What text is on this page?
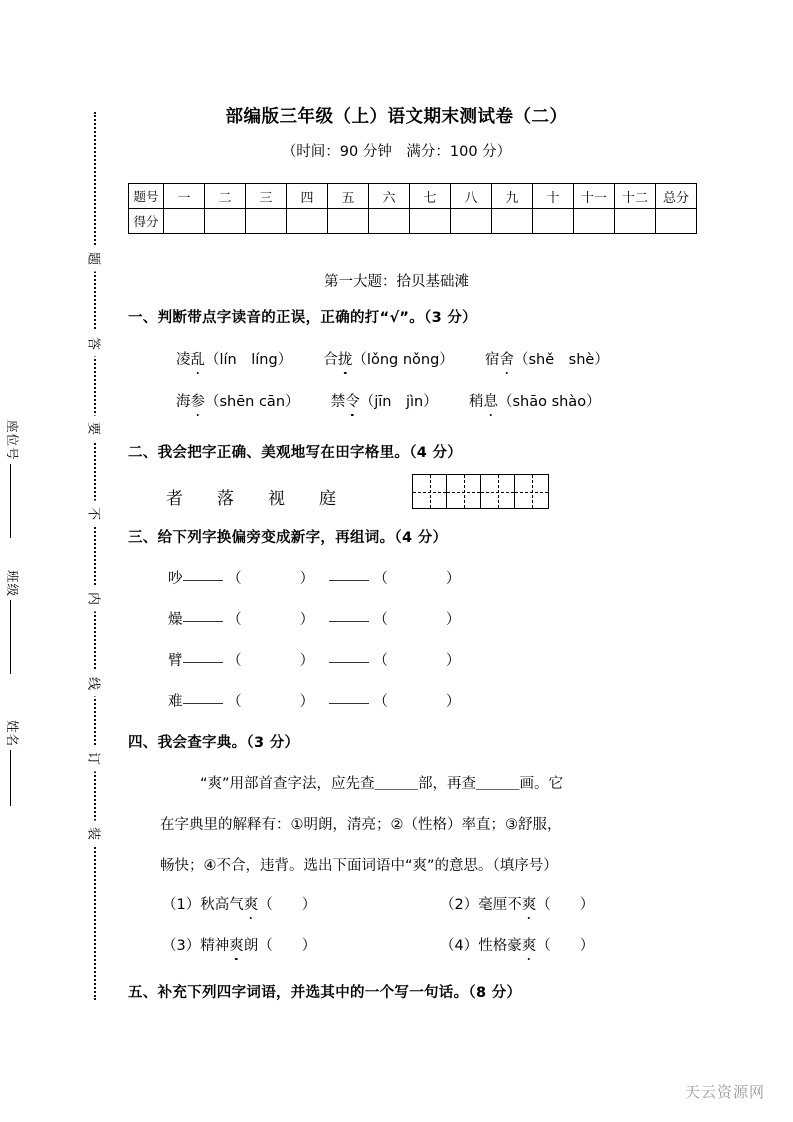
座位号
班级
姓名
题
答
要
不
内
线
订
装
部编版三年级（上）语文期末测试卷（二）
（时间：90 分钟　满分：100 分）
题号	一	二	三	四	五	六	七	八	九	十	十一	十二	总分
得分													
第一大题：拾贝基础滩
一、判断带点字读音的正误，正确的打“√”。（3 分）
凌乱（lín　líng） 合拢（lǒng nǒng） 宿舍（shě　shè）
海参（shēn cān） 禁令（jīn　jìn） 稍息（shāo shào）
二、我会把字正确、美观地写在田字格里。（4 分）
者落视庭
三、给下列字换偏旁变成新字，再组词。（4 分）
吵	（　　　　）	（　　　　）
燥	（　　　　）	（　　　　）
臂	（　　　　）	（　　　　）
难	（　　　　）	（　　　　）
四、我会查字典。（3 分）
“爽”用部首查字法，应先查＿＿＿部，再查＿＿＿画。它
在字典里的解释有：①明朗，清亮；②（性格）率直；③舒服，
畅快；④不合，违背。选出下面词语中“爽”的意思。（填序号）
（1）秋高气爽（　　）	（2）毫厘不爽（　　）
（3）精神爽朗（　　）	（4）性格豪爽（　　）
五、补充下列四字词语，并选其中的一个写一句话。（8 分）
天云资源网
